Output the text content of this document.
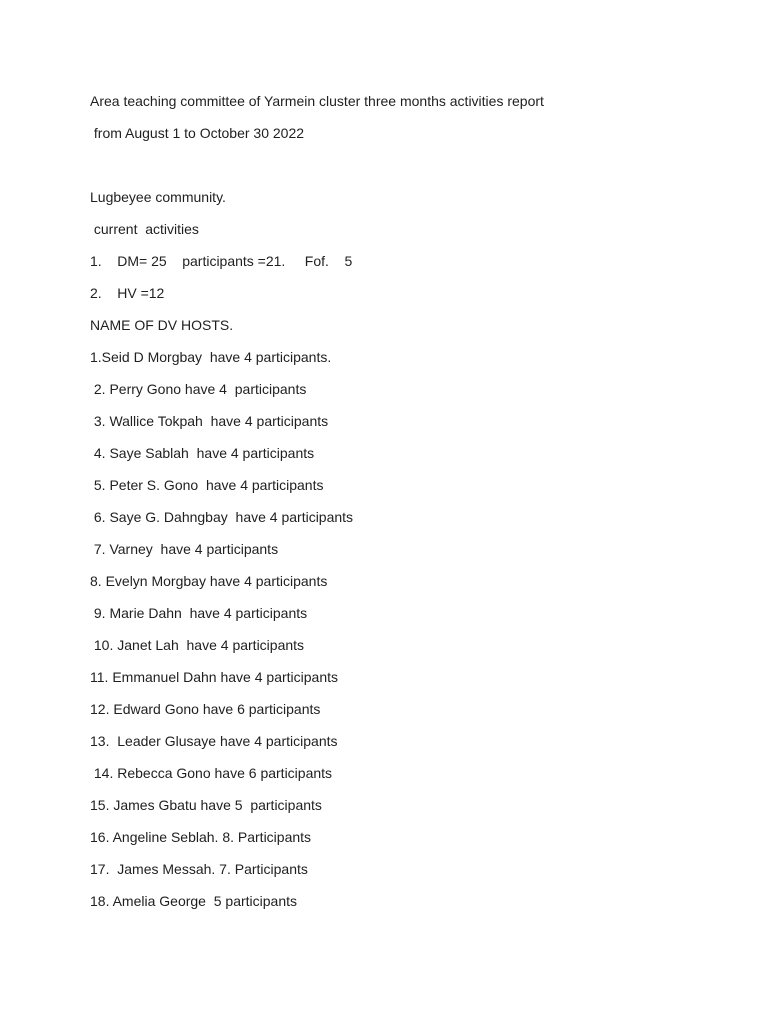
Area teaching committee of Yarmein cluster three months activities report
from August 1 to October 30 2022
Lugbeyee community.
current  activities
1.    DM= 25    participants =21.     Fof.    5
2.    HV =12
NAME OF DV HOSTS.
1.Seid D Morgbay  have 4 participants.
2. Perry Gono have 4  participants
3. Wallice Tokpah  have 4 participants
4. Saye Sablah  have 4 participants
5. Peter S. Gono  have 4 participants
6. Saye G. Dahngbay  have 4 participants
7. Varney  have 4 participants
8. Evelyn Morgbay have 4 participants
9. Marie Dahn  have 4 participants
10. Janet Lah  have 4 participants
11. Emmanuel Dahn have 4 participants
12. Edward Gono have 6 participants
13.  Leader Glusaye have 4 participants
14. Rebecca Gono have 6 participants
15. James Gbatu have 5  participants
16. Angeline Seblah. 8. Participants
17.  James Messah. 7. Participants
18. Amelia George  5 participants
